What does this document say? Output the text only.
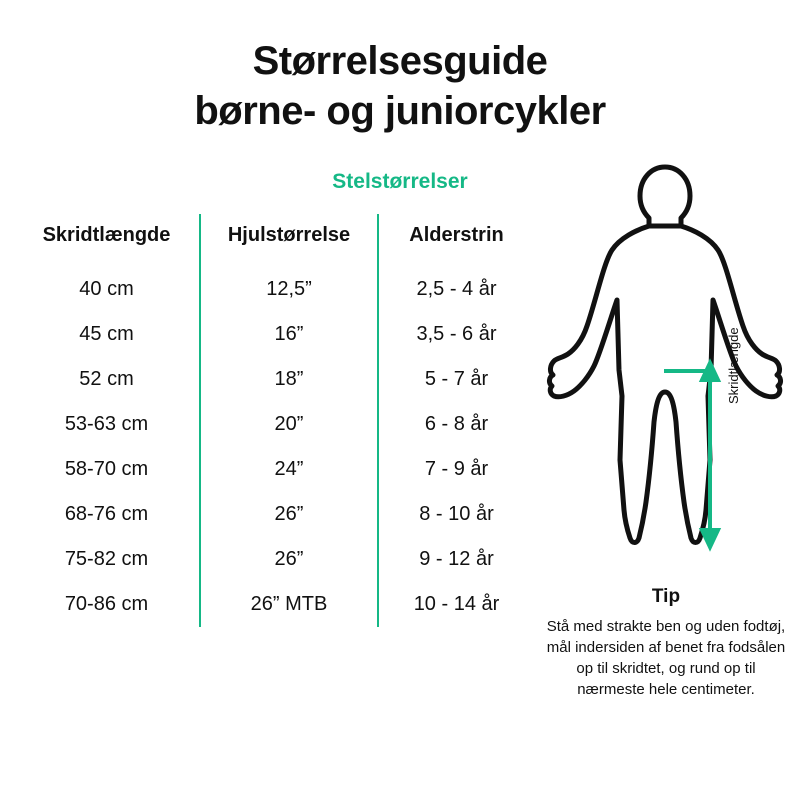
Størrelsesguide
børne- og juniorcykler
Stelstørrelser
Skridtlængde	Hjulstørrelse	Alderstrin
40 cm	12,5”	2,5 - 4 år
45 cm	16”	3,5 - 6 år
52 cm	18”	5 - 7 år
53-63 cm	20”	6 - 8 år
58-70 cm	24”	7 - 9 år
68-76 cm	26”	8 - 10 år
75-82 cm	26”	9 - 12 år
70-86 cm	26” MTB	10 - 14 år
Skridtlængde
Tip
Stå med strakte ben og uden fodtøj, mål indersiden af benet fra fodsålen op til skridtet, og rund op til nærmeste hele centimeter.
